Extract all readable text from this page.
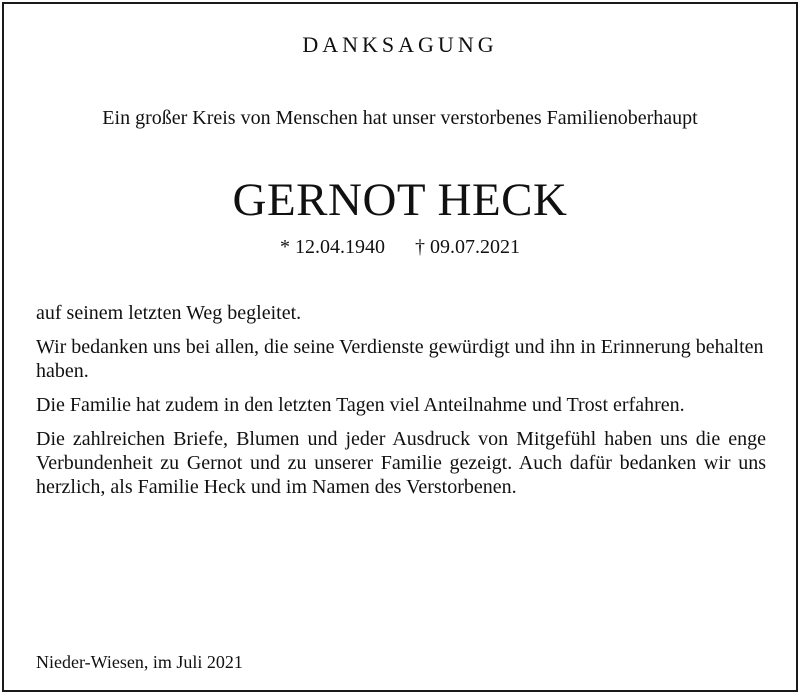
DANKSAGUNG
Ein großer Kreis von Menschen hat unser verstorbenes Familienoberhaupt
GERNOT HECK
* 12.04.1940 † 09.07.2021

auf seinem letzten Weg begleitet.

Wir bedanken uns bei allen, die seine Verdienste gewürdigt und ihn in Erinnerung behalten haben.

Die Familie hat zudem in den letzten Tagen viel Anteilnahme und Trost erfahren.

Die zahlreichen Briefe, Blumen und jeder Ausdruck von Mitgefühl haben uns die enge Verbundenheit zu Gernot und zu unserer Familie gezeigt. Auch dafür bedanken wir uns herzlich, als Familie Heck und im Namen des Verstorbenen.

Nieder-Wiesen, im Juli 2021
